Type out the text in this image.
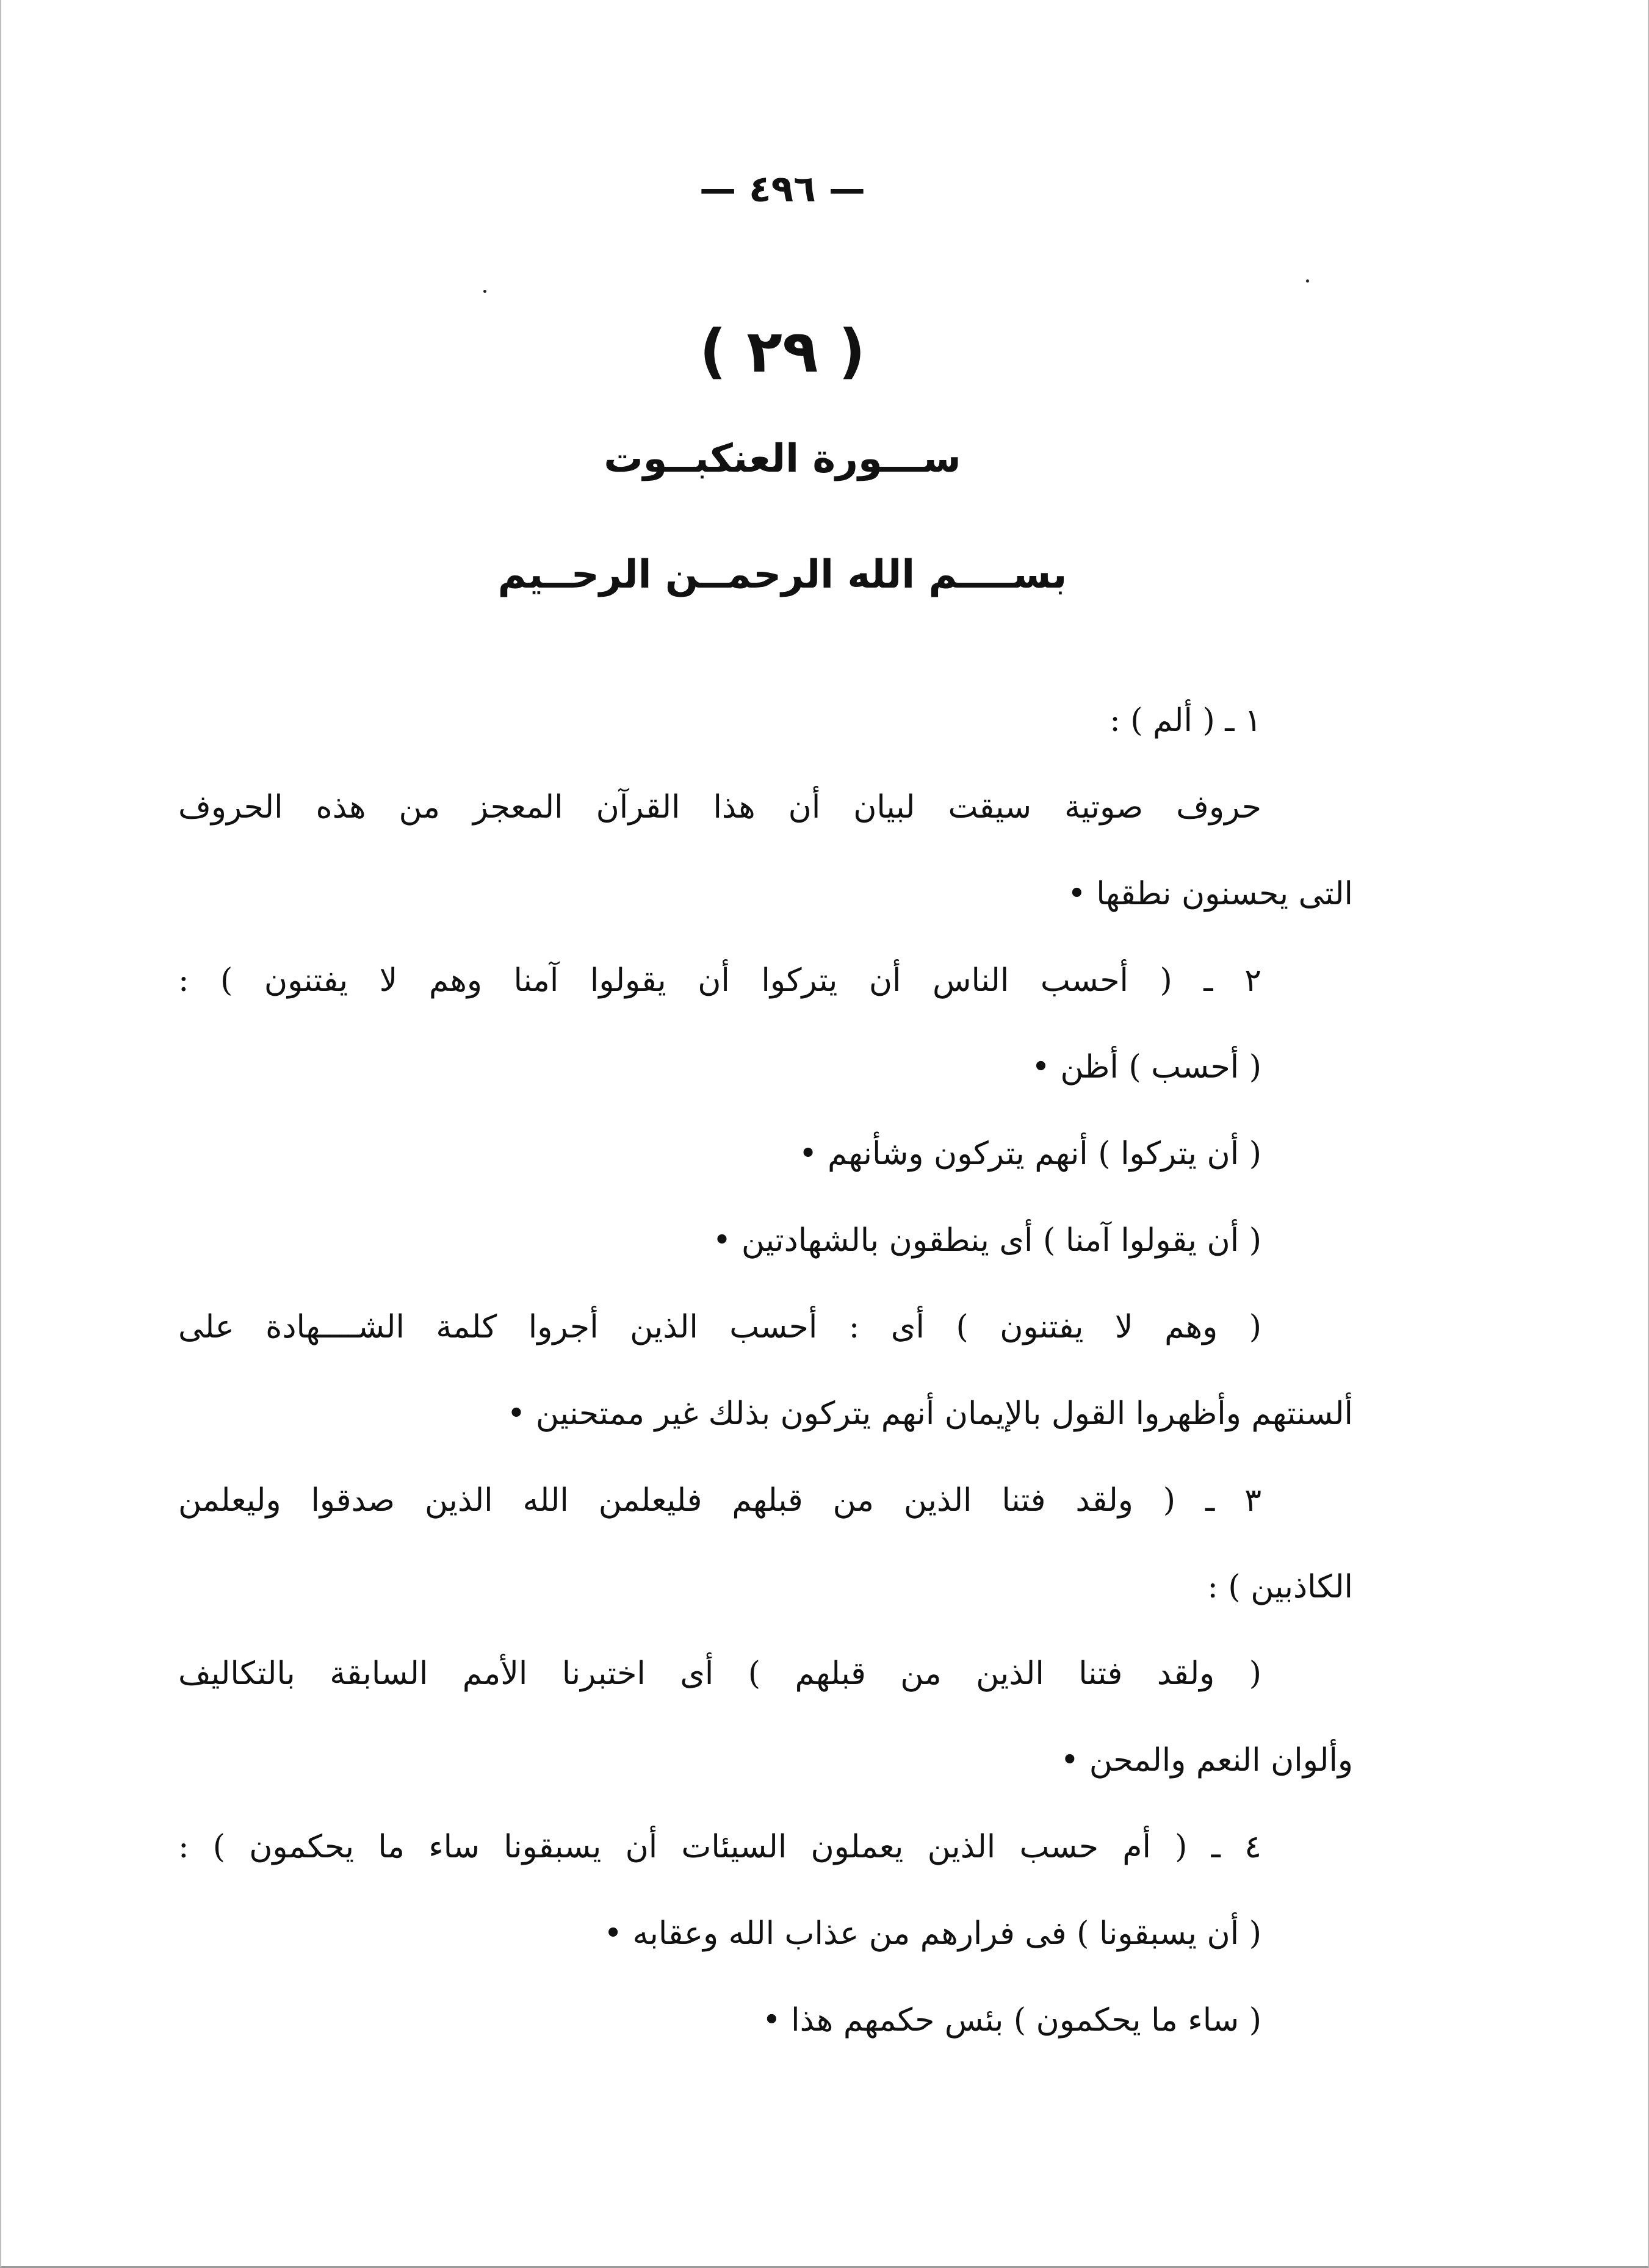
— ٤٩٦ —
( ٢٩ )
ســـورة العنكبــوت
بســــم الله الرحمــن الرحــيم
١ ـ ( ألم ) :
حروف صوتية سيقت لبيان أن هذا القرآن المعجز من هذه الحروف
التى يحسنون نطقها •
٢ ـ ( أحسب الناس أن يتركوا أن يقولوا آمنا وهم لا يفتنون ) :
( أحسب ) أظن •
( أن يتركوا ) أنهم يتركون وشأنهم •
( أن يقولوا آمنا ) أى ينطقون بالشهادتين •
( وهم لا يفتنون ) أى : أحسب الذين أجروا كلمة الشــــهادة على
ألسنتهم وأظهروا القول بالإيمان أنهم يتركون بذلك غير ممتحنين •
٣ ـ ( ولقد فتنا الذين من قبلهم فليعلمن الله الذين صدقوا وليعلمن
الكاذبين ) :
( ولقد فتنا الذين من قبلهم ) أى اختبرنا الأمم السابقة بالتكاليف
وألوان النعم والمحن •
٤ ـ ( أم حسب الذين يعملون السيئات أن يسبقونا ساء ما يحكمون ) :
( أن يسبقونا ) فى فرارهم من عذاب الله وعقابه •
( ساء ما يحكمون ) بئس حكمهم هذا •
